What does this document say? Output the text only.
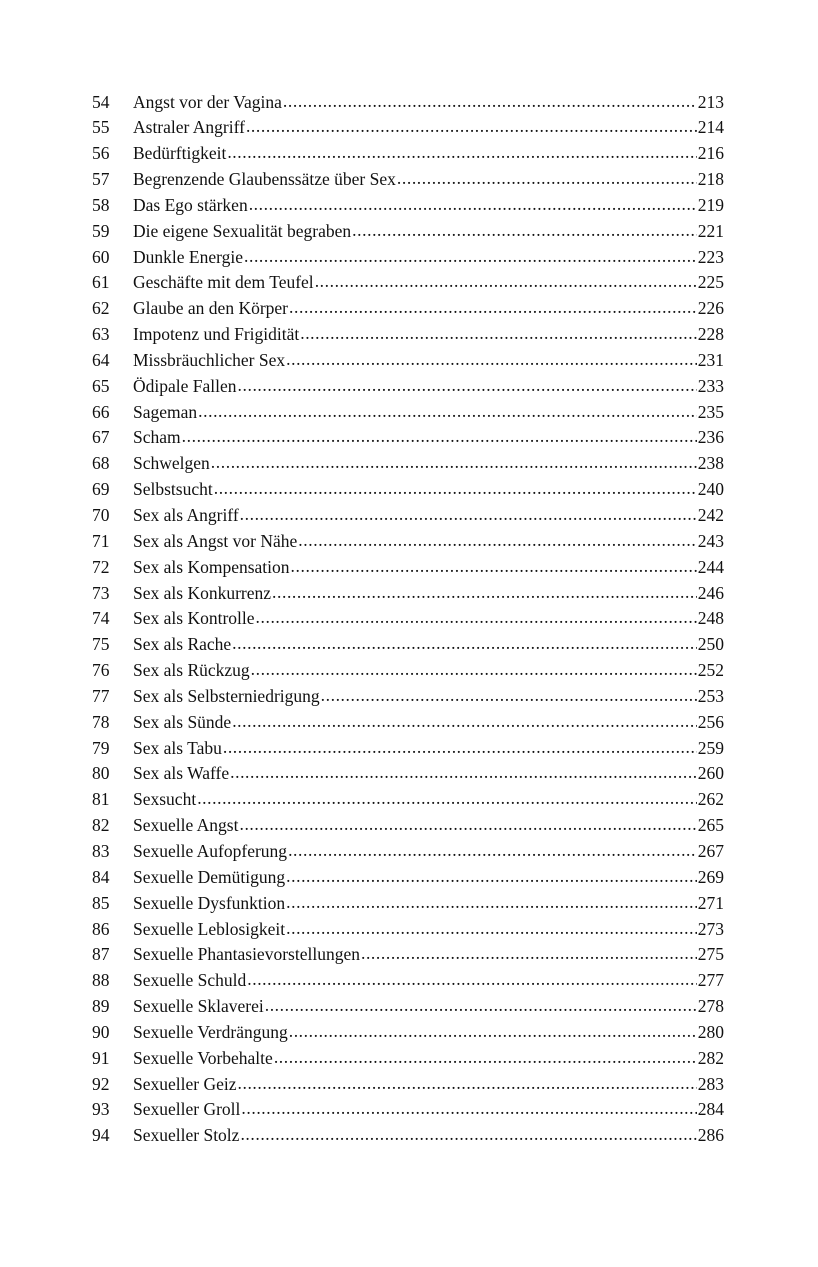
54	Angst vor der Vagina .....	213
55	Astraler Angriff .....	214
56	Bedürftigkeit .....	216
57	Begrenzende Glaubenssätze über Sex .....	218
58	Das Ego stärken .....	219
59	Die eigene Sexualität begraben .....	221
60	Dunkle Energie .....	223
61	Geschäfte mit dem Teufel .....	225
62	Glaube an den Körper .....	226
63	Impotenz und Frigidität .....	228
64	Missbräuchlicher Sex .....	231
65	Ödipale Fallen .....	233
66	Sageman .....	235
67	Scham .....	236
68	Schwelgen .....	238
69	Selbstsucht .....	240
70	Sex als Angriff .....	242
71	Sex als Angst vor Nähe .....	243
72	Sex als Kompensation .....	244
73	Sex als Konkurrenz .....	246
74	Sex als Kontrolle .....	248
75	Sex als Rache .....	250
76	Sex als Rückzug .....	252
77	Sex als Selbsterniedrigung .....	253
78	Sex als Sünde .....	256
79	Sex als Tabu .....	259
80	Sex als Waffe .....	260
81	Sexsucht .....	262
82	Sexuelle Angst .....	265
83	Sexuelle Aufopferung .....	267
84	Sexuelle Demütigung .....	269
85	Sexuelle Dysfunktion .....	271
86	Sexuelle Leblosigkeit .....	273
87	Sexuelle Phantasievorstellungen .....	275
88	Sexuelle Schuld .....	277
89	Sexuelle Sklaverei .....	278
90	Sexuelle Verdrängung .....	280
91	Sexuelle Vorbehalte .....	282
92	Sexueller Geiz .....	283
93	Sexueller Groll .....	284
94	Sexueller Stolz .....	286
